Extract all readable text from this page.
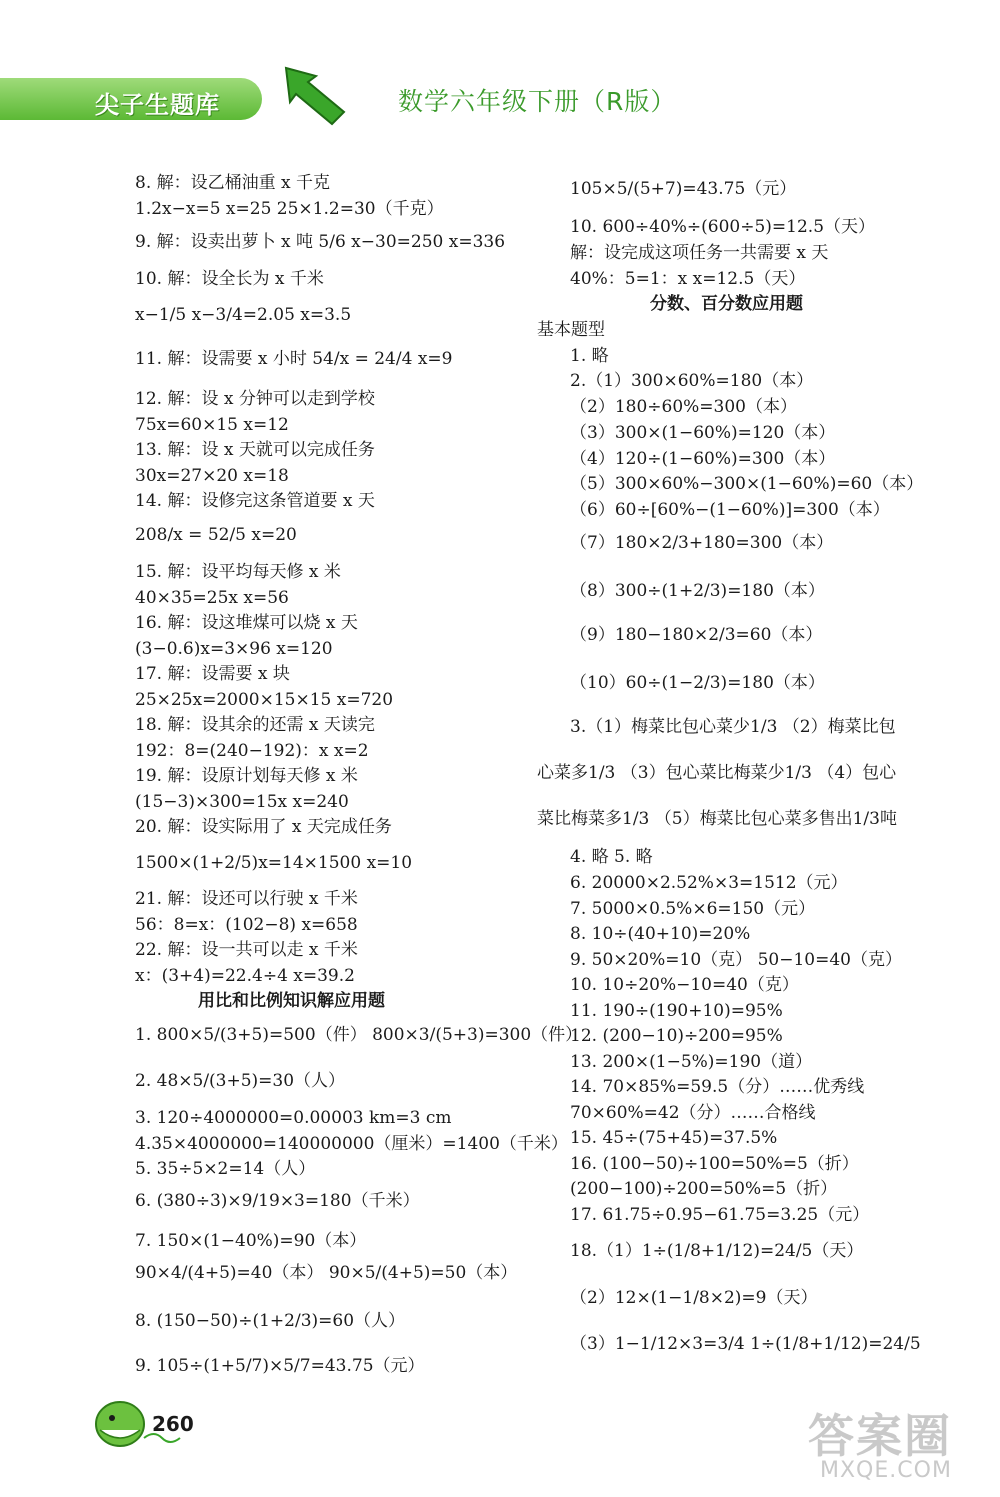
尖子生题库	数学六年级下册（R版）
8. 解：设乙桶油重 x 千克
1.2x−x=5 x=25 25×1.2=30（千克）
9. 解：设卖出萝卜 x 吨 5/6 x−30=250 x=336
10. 解：设全长为 x 千米
x−1/5 x−3/4=2.05 x=3.5
11. 解：设需要 x 小时 54/x = 24/4 x=9
12. 解：设 x 分钟可以走到学校
75x=60×15 x=12
13. 解：设 x 天就可以完成任务
30x=27×20 x=18
14. 解：设修完这条管道要 x 天
208/x = 52/5 x=20
15. 解：设平均每天修 x 米
40×35=25x x=56
16. 解：设这堆煤可以烧 x 天
(3−0.6)x=3×96 x=120
17. 解：设需要 x 块
25×25x=2000×15×15 x=720
18. 解：设其余的还需 x 天读完
192：8=(240−192)：x x=2
19. 解：设原计划每天修 x 米
(15−3)×300=15x x=240
20. 解：设实际用了 x 天完成任务
1500×(1+2/5)x=14×1500 x=10
21. 解：设还可以行驶 x 千米
56：8=x：(102−8) x=658
22. 解：设一共可以走 x 千米
x：(3+4)=22.4÷4 x=39.2
用比和比例知识解应用题
1. 800×5/(3+5)=500（件） 800×3/(5+3)=300（件）
2. 48×5/(3+5)=30（人）
3. 120÷4000000=0.00003 km=3 cm
4.35×4000000=140000000（厘米）=1400（千米）
5. 35÷5×2=14（人）
6. (380÷3)×9/19×3=180（千米）
7. 150×(1−40%)=90（本）
90×4/(4+5)=40（本） 90×5/(4+5)=50（本）
8. (150−50)÷(1+2/3)=60（人）
9. 105÷(1+5/7)×5/7=43.75（元）
105×5/(5+7)=43.75（元）
10. 600÷40%÷(600÷5)=12.5（天）
解：设完成这项任务一共需要 x 天
40%：5=1：x x=12.5（天）
分数、百分数应用题
基本题型
1. 略
2.（1）300×60%=180（本）
（2）180÷60%=300（本）
（3）300×(1−60%)=120（本）
（4）120÷(1−60%)=300（本）
（5）300×60%−300×(1−60%)=60（本）
（6）60÷[60%−(1−60%)]=300（本）
（7）180×2/3+180=300（本）
（8）300÷(1+2/3)=180（本）
（9）180−180×2/3=60（本）
（10）60÷(1−2/3)=180（本）
3.（1）梅菜比包心菜少1/3 （2）梅菜比包
心菜多1/3 （3）包心菜比梅菜少1/3 （4）包心
菜比梅菜多1/3 （5）梅菜比包心菜多售出1/3吨
4. 略 5. 略
6. 20000×2.52%×3=1512（元）
7. 5000×0.5%×6=150（元）
8. 10÷(40+10)=20%
9. 50×20%=10（克） 50−10=40（克）
10. 10÷20%−10=40（克）
11. 190÷(190+10)=95%
12. (200−10)÷200=95%
13. 200×(1−5%)=190（道）
14. 70×85%=59.5（分）……优秀线
70×60%=42（分）……合格线
15. 45÷(75+45)=37.5%
16. (100−50)÷100=50%=5（折）
(200−100)÷200=50%=5（折）
17. 61.75÷0.95−61.75=3.25（元）
18.（1）1÷(1/8+1/12)=24/5（天）
（2）12×(1−1/8×2)=9（天）
（3）1−1/12×3=3/4 1÷(1/8+1/12)=24/5
260	答案圈
MXQE.COM
